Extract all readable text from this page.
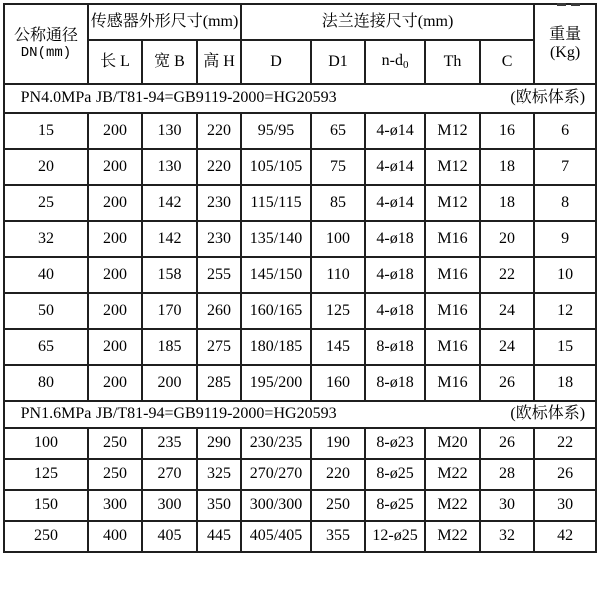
公称通径
DN(mm)	传感器外形尺寸(mm)			法兰连接尺寸(mm)					重量
(Kg)

	长 L	宽 B	高 H	D	D1	$n-d_0$	Th	C	

PN4.0MPa JB/T81-94=GB9119-2000=HG20593 (欧标体系)									

15	200	130	220	95/95	65	4-ø14	M12	16	6
20	200	130	220	105/105	75	4-ø14	M12	18	7
25	200	142	230	115/115	85	4-ø14	M12	18	8
32	200	142	230	135/140	100	4-ø18	M16	20	9
40	200	158	255	145/150	110	4-ø18	M16	22	10
50	200	170	260	160/165	125	4-ø18	M16	24	12
65	200	185	275	180/185	145	8-ø18	M16	24	15
80	200	200	285	195/200	160	8-ø18	M16	26	18

PN1.6MPa JB/T81-94=GB9119-2000=HG20593 (欧标体系)									

100	250	235	290	230/235	190	8-ø23	M20	26	22
125	250	270	325	270/270	220	8-ø25	M22	28	26
150	300	300	350	300/300	250	8-ø25	M22	30	30
250	400	405	445	405/405	355	12-ø25	M22	32	42
